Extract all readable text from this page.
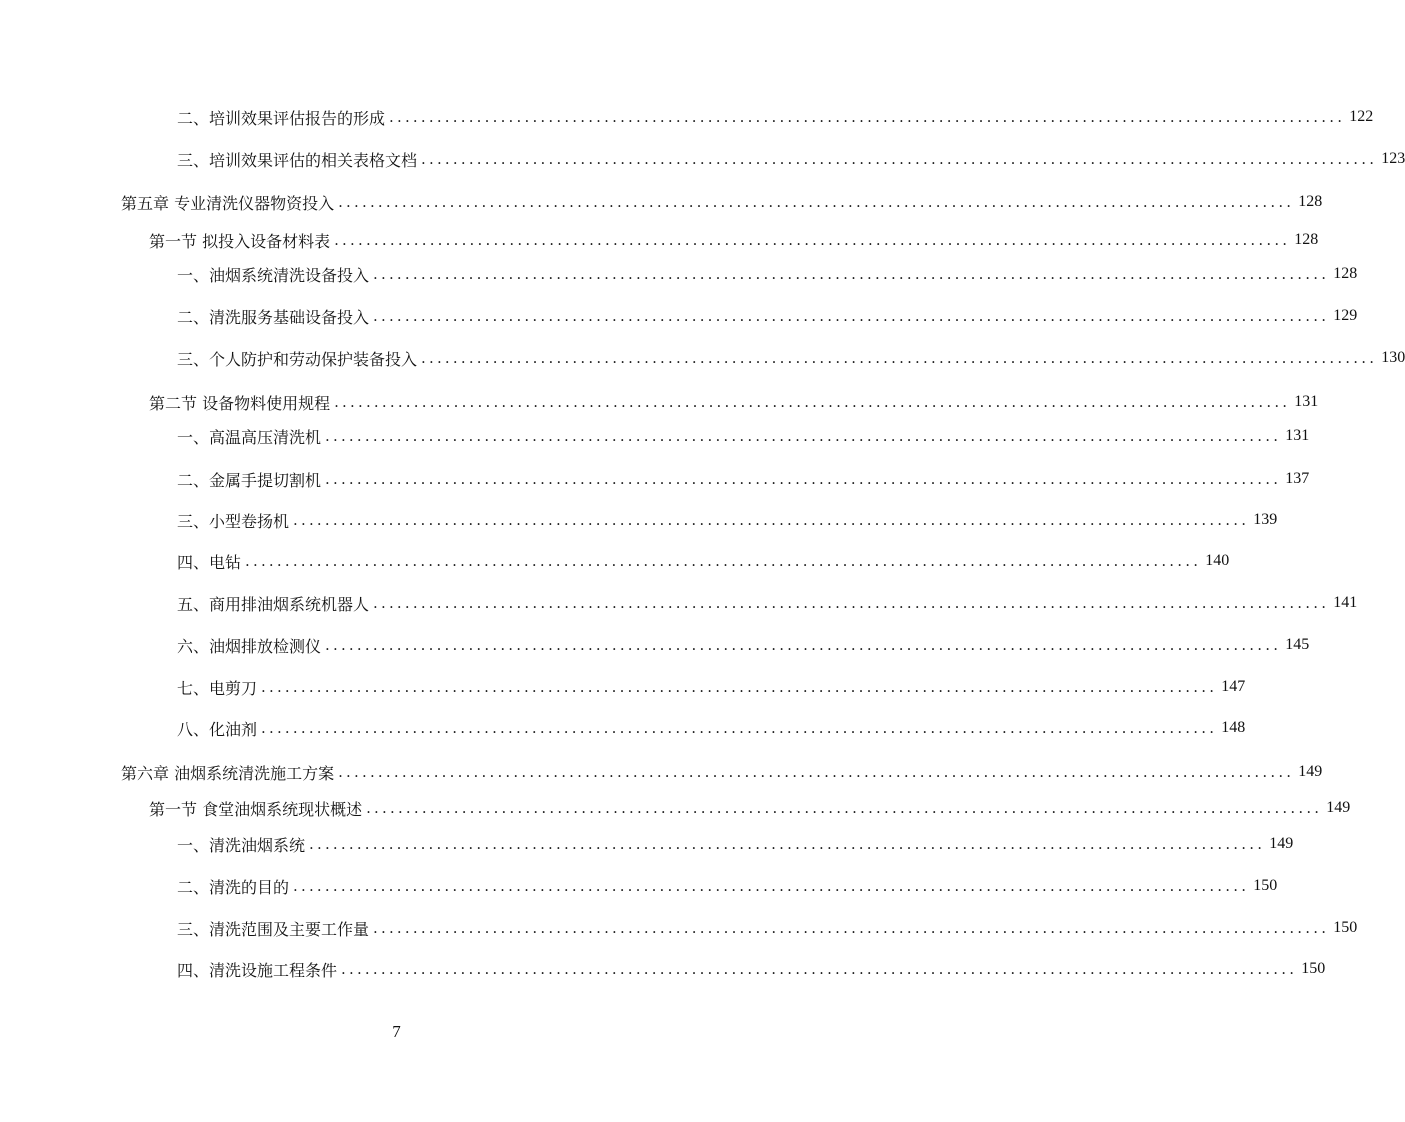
二、培训效果评估报告的形成 ........................................................................................................................ 122
三、培训效果评估的相关表格文档 ........................................................................................................................ 123
第五章 专业清洗仪器物资投入 ........................................................................................................................ 128
第一节 拟投入设备材料表 ........................................................................................................................ 128
一、油烟系统清洗设备投入 ........................................................................................................................ 128
二、清洗服务基础设备投入 ........................................................................................................................ 129
三、个人防护和劳动保护装备投入 ........................................................................................................................ 130
第二节 设备物料使用规程 ........................................................................................................................ 131
一、高温高压清洗机 ........................................................................................................................ 131
二、金属手提切割机 ........................................................................................................................ 137
三、小型卷扬机 ........................................................................................................................ 139
四、电钻 ........................................................................................................................ 140
五、商用排油烟系统机器人 ........................................................................................................................ 141
六、油烟排放检测仪 ........................................................................................................................ 145
七、电剪刀 ........................................................................................................................ 147
八、化油剂 ........................................................................................................................ 148
第六章 油烟系统清洗施工方案 ........................................................................................................................ 149
第一节 食堂油烟系统现状概述 ........................................................................................................................ 149
一、清洗油烟系统 ........................................................................................................................ 149
二、清洗的目的 ........................................................................................................................ 150
三、清洗范围及主要工作量 ........................................................................................................................ 150
四、清洗设施工程条件 ........................................................................................................................ 150
7
